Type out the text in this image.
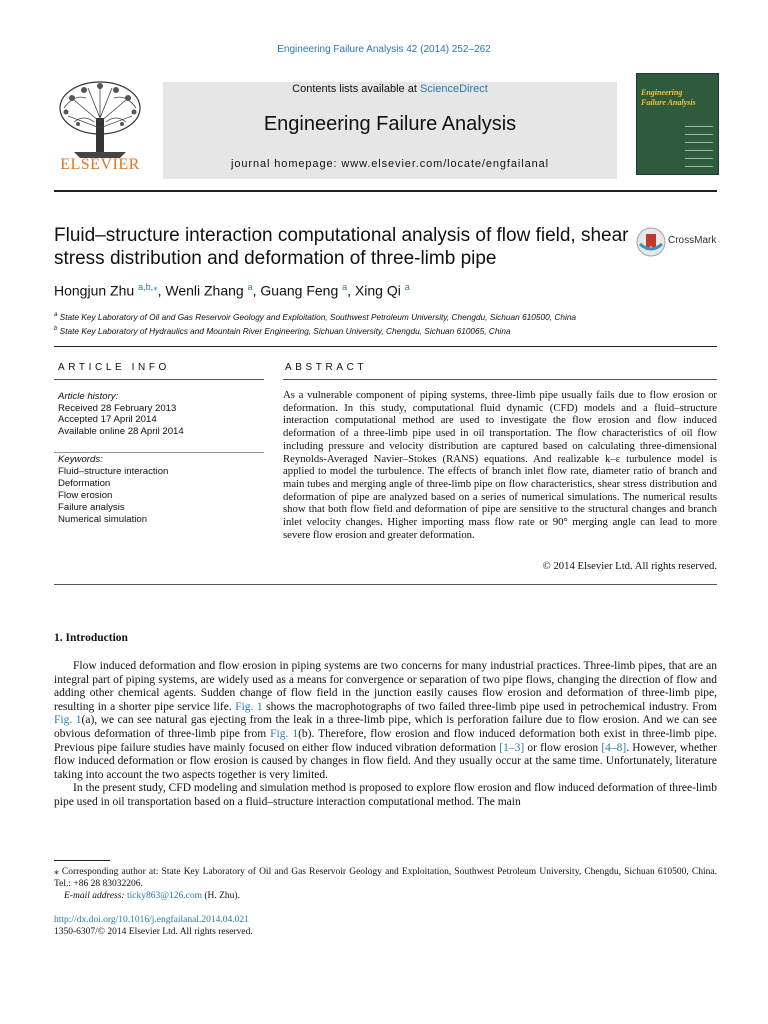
Engineering Failure Analysis 42 (2014) 252–262
ELSEVIER
Contents lists available at ScienceDirect
Engineering Failure Analysis
journal homepage: www.elsevier.com/locate/engfailanal
Engineering Failure Analysis
Fluid–structure interaction computational analysis of flow field, shear stress distribution and deformation of three-limb pipe
CrossMark
Hongjun Zhu $^{a,b,⁎}$, Wenli Zhang $^a$, Guang Feng $^a$, Xing Qi $^a$
$^a$ State Key Laboratory of Oil and Gas Reservoir Geology and Exploitation, Southwest Petroleum University, Chengdu, Sichuan 610500, China
$^b$ State Key Laboratory of Hydraulics and Mountain River Engineering, Sichuan University, Chengdu, Sichuan 610065, China
ARTICLE INFO	ABSTRACT
Article history:
Received 28 February 2013
Accepted 17 April 2014
Available online 28 April 2014
Keywords:
Fluid–structure interaction
Deformation
Flow erosion
Failure analysis
Numerical simulation
As a vulnerable component of piping systems, three-limb pipe usually fails due to flow erosion or deformation. In this study, computational fluid dynamic (CFD) models and a fluid–structure interaction computational method are used to investigate the flow erosion and flow induced deformation of a three-limb pipe used in oil transportation. The flow characteristics of oil flow including pressure and velocity distribution are captured based on calculating three-dimensional Reynolds-Averaged Navier–Stokes (RANS) equations. And realizable k–ε turbulence model is applied to model the turbulence. The effects of branch inlet flow rate, diameter ratio of branch and main tubes and merging angle of three-limb pipe on flow characteristics, shear stress distribution and deformation of pipe are analyzed based on a series of numerical simulations. The numerical results show that both flow field and deformation of pipe are sensitive to the structural changes and branch inlet velocity changes. Higher importing mass flow rate or 90° merging angle can lead to more severe flow erosion and greater deformation.
© 2014 Elsevier Ltd. All rights reserved.
1. Introduction

Flow induced deformation and flow erosion in piping systems are two concerns for many industrial practices. Three-limb pipes, that are an integral part of piping systems, are widely used as a means for convergence or separation of two pipe flows, changing the direction of flow and adding other chemical agents. Sudden change of flow field in the junction easily causes flow erosion and deformation of three-limb pipe, resulting in a shorter pipe service life. Fig. 1 shows the macrophotographs of two failed three-limb pipe used in petrochemical industry. From Fig. 1(a), we can see natural gas ejecting from the leak in a three-limb pipe, which is perforation failure due to flow erosion. And we can see obvious deformation of three-limb pipe from Fig. 1(b). Therefore, flow erosion and flow induced deformation both exist in three-limb pipe. Previous pipe failure studies have mainly focused on either flow induced vibration deformation [1–3] or flow erosion [4–8]. However, whether flow induced deformation or flow erosion is caused by changes in flow field. And they usually occur at the same time. Unfortunately, literature taking into account the two aspects together is very limited.

In the present study, CFD modeling and simulation method is proposed to explore flow erosion and flow induced deformation of three-limb pipe used in oil transportation based on a fluid–structure interaction computational method. The main

⁎ Corresponding author at: State Key Laboratory of Oil and Gas Reservoir Geology and Exploitation, Southwest Petroleum University, Chengdu, Sichuan 610500, China. Tel.: +86 28 83032206.
E-mail address: ticky863@126.com (H. Zhu).
http://dx.doi.org/10.1016/j.engfailanal.2014.04.021
1350-6307/© 2014 Elsevier Ltd. All rights reserved.
